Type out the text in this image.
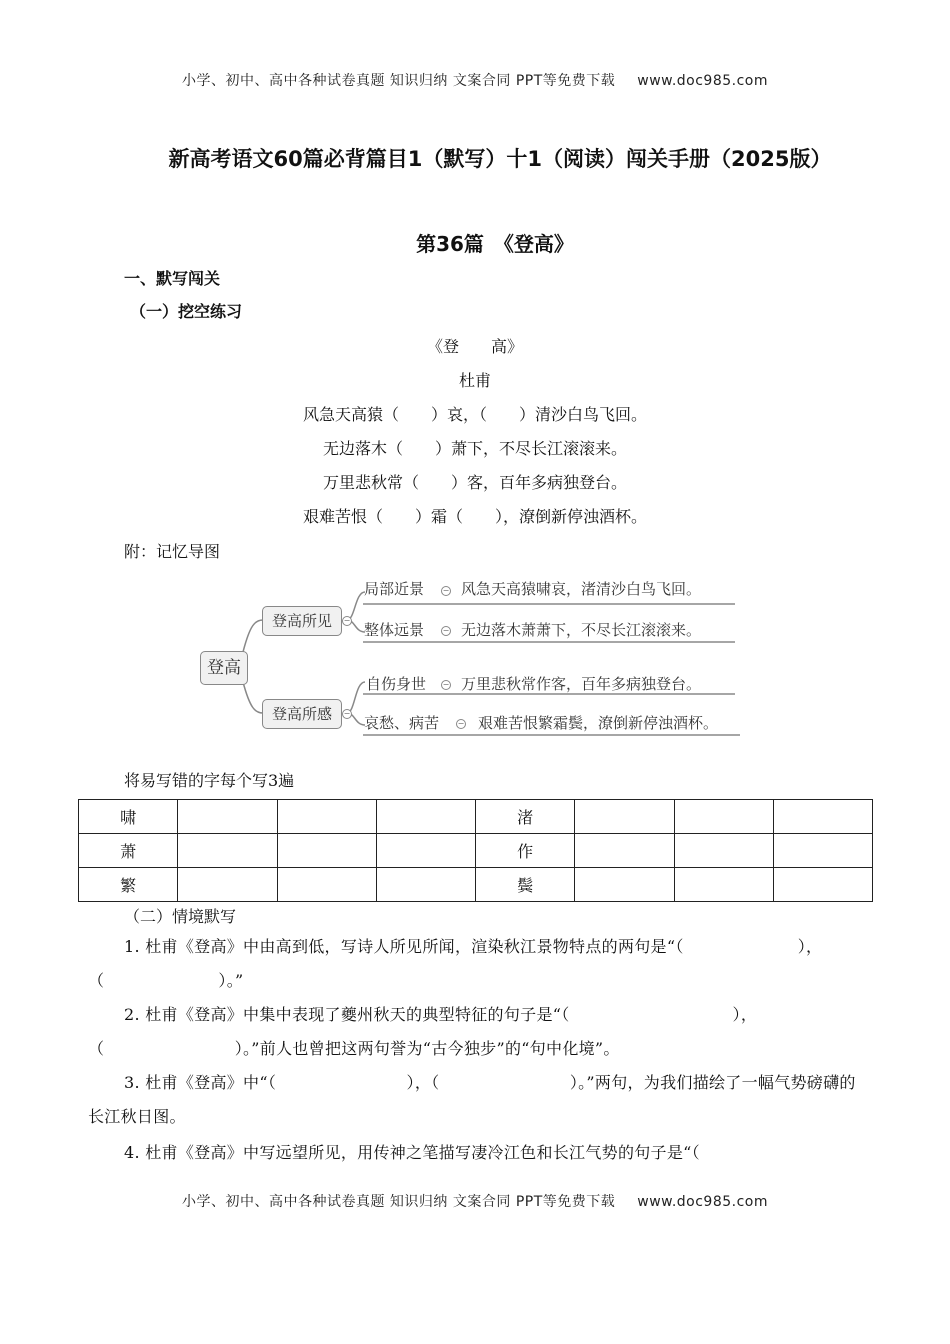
小学、初中、高中各种试卷真题 知识归纳 文案合同 PPT等免费下载 www.doc985.com
新高考语文60篇必背篇目1（默写）十1（阅读）闯关手册（2025版）
第36篇　《登高》
一、默写闯关
（一）挖空练习
《登　　高》
杜甫
风急天高猿（　　）哀，（　　）清沙白鸟飞回。
无边落木（　　）萧下，不尽长江滚滚来。
万里悲秋常（　　）客，百年多病独登台。
艰难苦恨（　　）霜（　　），潦倒新停浊酒杯。
附：记忆导图
登高
登高所见	−
登高所感	−
局部近景 − 风急天高猿啸哀，渚清沙白鸟飞回。
整体远景 − 无边落木萧萧下，不尽长江滚滚来。
自伤身世 − 万里悲秋常作客，百年多病独登台。
哀愁、病苦 − 艰难苦恨繁霜鬓，潦倒新停浊酒杯。
将易写错的字每个写3遍
啸				渚			
萧				作			
繁				鬓			
（二）情境默写
1. 杜甫《登高》中由高到低，写诗人所见所闻，渲染秋江景物特点的两句是“（　　　　　　　），（　　　　　　　）。”
2. 杜甫《登高》中集中表现了夔州秋天的典型特征的句子是“（　　　　　　　　　　），（　　　　　　　　）。”前人也曾把这两句誉为“古今独步”的“句中化境”。
3. 杜甫《登高》中“（　　　　　　　　），（　　　　　　　　）。”两句，为我们描绘了一幅气势磅礴的长江秋日图。
4. 杜甫《登高》中写远望所见，用传神之笔描写凄冷江色和长江气势的句子是“（
小学、初中、高中各种试卷真题 知识归纳 文案合同 PPT等免费下载 www.doc985.com
